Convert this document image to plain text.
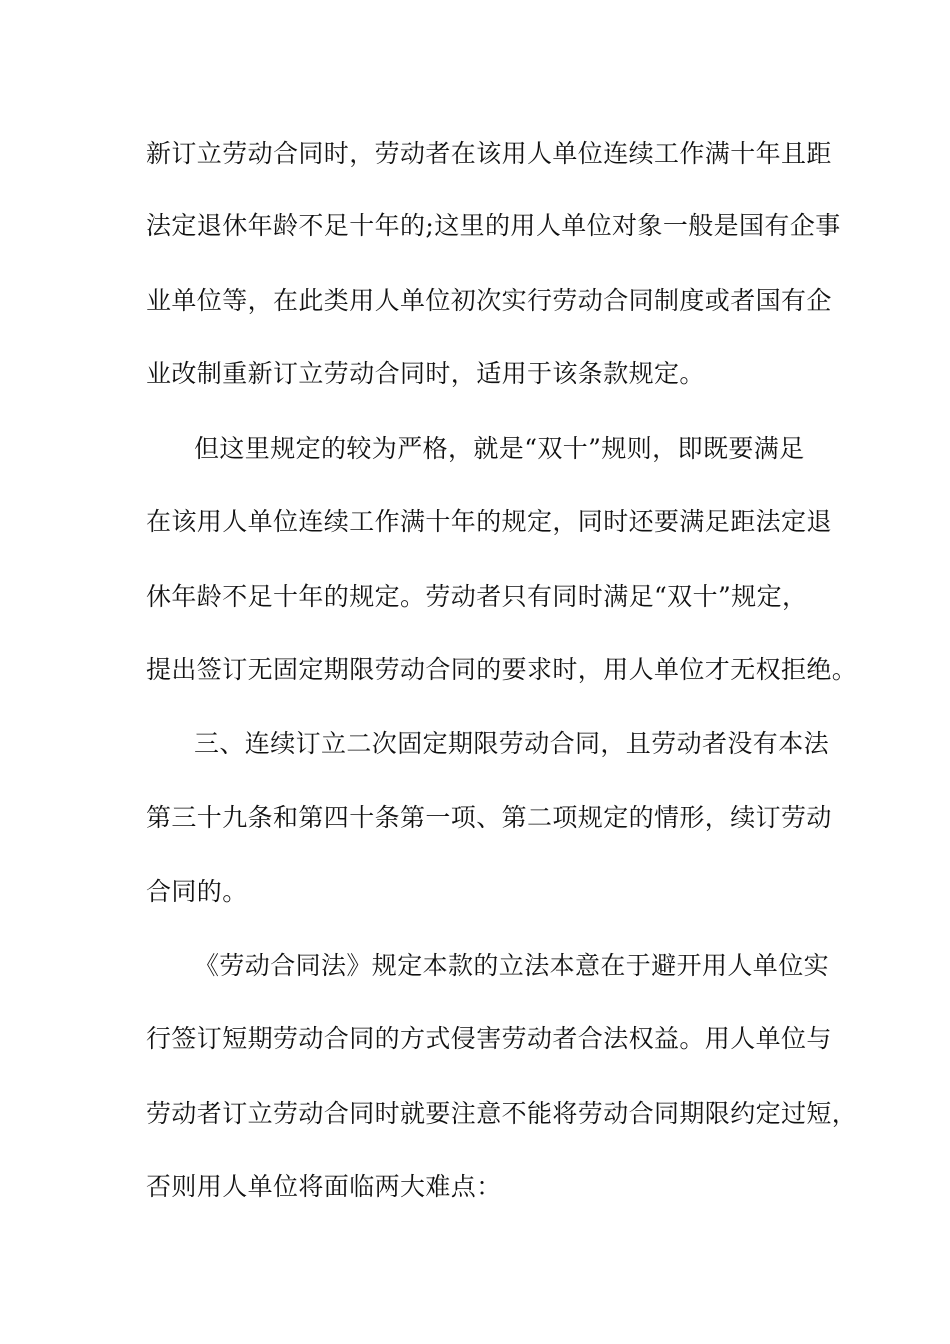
新订立劳动合同时，劳动者在该用人单位连续工作满十年且距
法定退休年龄不足十年的;这里的用人单位对象一般是国有企事
业单位等，在此类用人单位初次实行劳动合同制度或者国有企
业改制重新订立劳动合同时，适用于该条款规定。
但这里规定的较为严格，就是“双十”规则，即既要满足
在该用人单位连续工作满十年的规定，同时还要满足距法定退
休年龄不足十年的规定。劳动者只有同时满足“双十”规定，
提出签订无固定期限劳动合同的要求时，用人单位才无权拒绝。
三、连续订立二次固定期限劳动合同，且劳动者没有本法
第三十九条和第四十条第一项、第二项规定的情形，续订劳动
合同的。
《劳动合同法》规定本款的立法本意在于避开用人单位实
行签订短期劳动合同的方式侵害劳动者合法权益。用人单位与
劳动者订立劳动合同时就要注意不能将劳动合同期限约定过短，
否则用人单位将面临两大难点：
